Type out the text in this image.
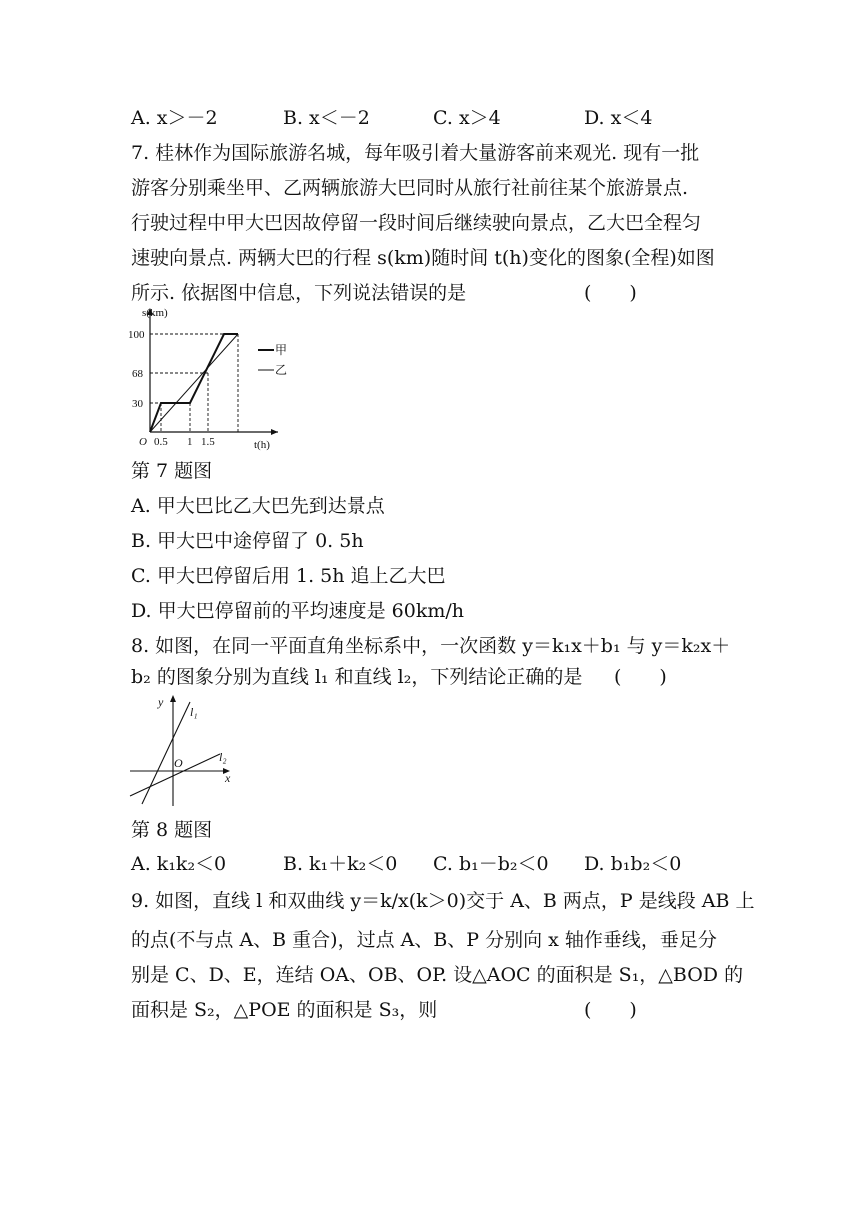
A. x＞－2	B. x＜－2	C. x＞4	D. x＜4
7. 桂林作为国际旅游名城，每年吸引着大量游客前来观光. 现有一批
游客分别乘坐甲、乙两辆旅游大巴同时从旅行社前往某个旅游景点.
行驶过程中甲大巴因故停留一段时间后继续驶向景点，乙大巴全程匀
速驶向景点. 两辆大巴的行程 s(km)随时间 t(h)变化的图象(全程)如图
所示. 依据图中信息，下列说法错误的是	(　　)
s(km)
100
68
30
O 0.5 1 1.5	t(h)
甲
乙
第 7 题图
A. 甲大巴比乙大巴先到达景点
B. 甲大巴中途停留了 0. 5h
C. 甲大巴停留后用 1. 5h 追上乙大巴
D. 甲大巴停留前的平均速度是 60km/h
8. 如图，在同一平面直角坐标系中，一次函数 y＝k₁x＋b₁ 与 y＝k₂x＋
b₂ 的图象分别为直线 l₁ 和直线 l₂，下列结论正确的是 (　　)
y
l₁
l₂
O
x
第 8 题图
A. k₁k₂＜0	B. k₁＋k₂＜0 C. b₁－b₂＜0 D. b₁b₂＜0
9. 如图，直线 l 和双曲线 y＝k/x(k＞0)交于 A、B 两点，P 是线段 AB 上
的点(不与点 A、B 重合)，过点 A、B、P 分别向 x 轴作垂线，垂足分
别是 C、D、E，连结 OA、OB、OP. 设△AOC 的面积是 S₁，△BOD 的
面积是 S₂，△POE 的面积是 S₃，则	(　　)
